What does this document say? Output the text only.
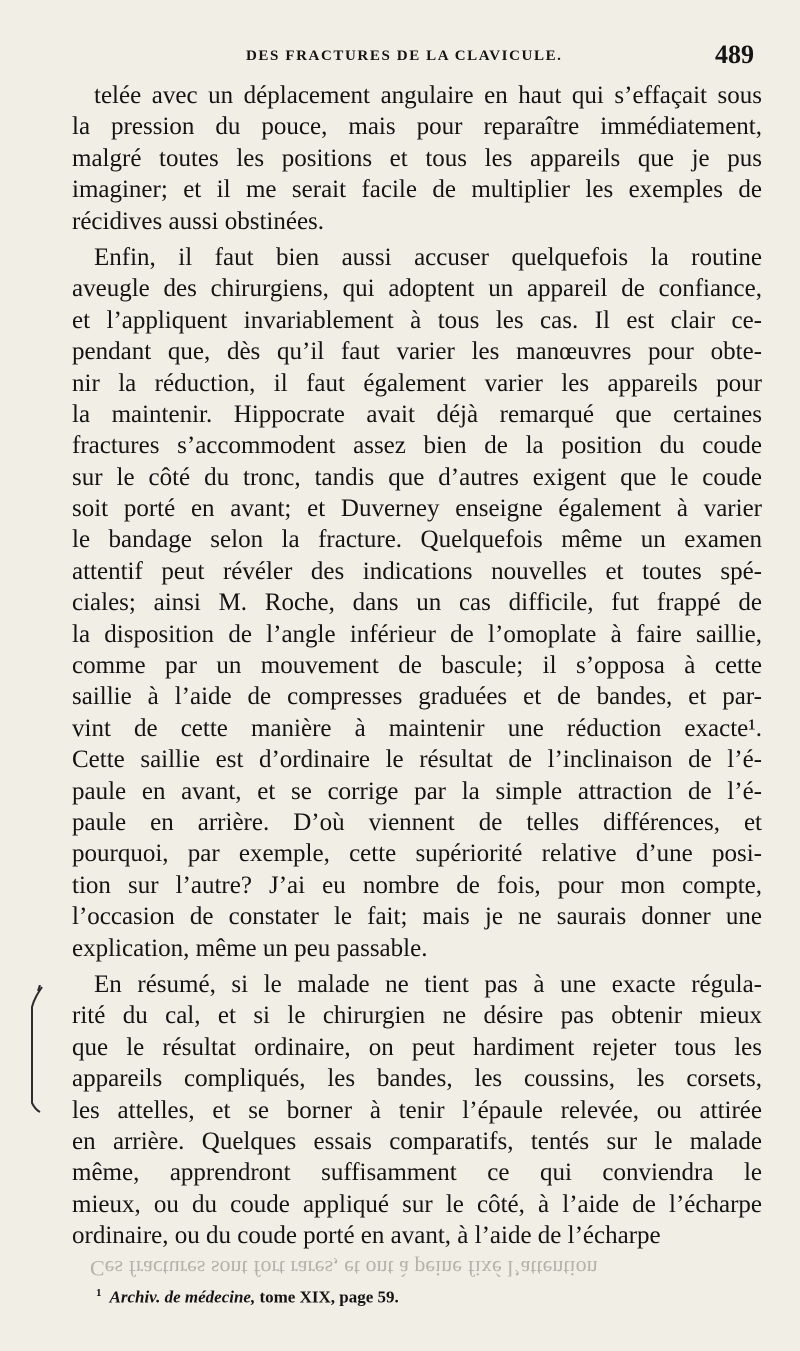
DES FRACTURES DE LA CLAVICULE.	489
Ces fractures sont fort rares, et ont à peine fixé l’attention
telée avec un déplacement angulaire en haut qui s’effaçait sous
la pression du pouce, mais pour reparaître immédiatement,
malgré toutes les positions et tous les appareils que je pus
imaginer; et il me serait facile de multiplier les exemples de
récidives aussi obstinées.
Enfin, il faut bien aussi accuser quelquefois la routine
aveugle des chirurgiens, qui adoptent un appareil de confiance,
et l’appliquent invariablement à tous les cas. Il est clair ce-
pendant que, dès qu’il faut varier les manœuvres pour obte-
nir la réduction, il faut également varier les appareils pour
la maintenir. Hippocrate avait déjà remarqué que certaines
fractures s’accommodent assez bien de la position du coude
sur le côté du tronc, tandis que d’autres exigent que le coude
soit porté en avant; et Duverney enseigne également à varier
le bandage selon la fracture. Quelquefois même un examen
attentif peut révéler des indications nouvelles et toutes spé-
ciales; ainsi M. Roche, dans un cas difficile, fut frappé de
la disposition de l’angle inférieur de l’omoplate à faire saillie,
comme par un mouvement de bascule; il s’opposa à cette
saillie à l’aide de compresses graduées et de bandes, et par-
vint de cette manière à maintenir une réduction exacte¹.
Cette saillie est d’ordinaire le résultat de l’inclinaison de l’é-
paule en avant, et se corrige par la simple attraction de l’é-
paule en arrière. D’où viennent de telles différences, et
pourquoi, par exemple, cette supériorité relative d’une posi-
tion sur l’autre? J’ai eu nombre de fois, pour mon compte,
l’occasion de constater le fait; mais je ne saurais donner une
explication, même un peu passable.
En résumé, si le malade ne tient pas à une exacte régula-
rité du cal, et si le chirurgien ne désire pas obtenir mieux
que le résultat ordinaire, on peut hardiment rejeter tous les
appareils compliqués, les bandes, les coussins, les corsets,
les attelles, et se borner à tenir l’épaule relevée, ou attirée
en arrière. Quelques essais comparatifs, tentés sur le malade
même, apprendront suffisamment ce qui conviendra le
mieux, ou du coude appliqué sur le côté, à l’aide de l’écharpe
ordinaire, ou du coude porté en avant, à l’aide de l’écharpe
$^1$ Archiv. de médecine, tome XIX, page 59.
